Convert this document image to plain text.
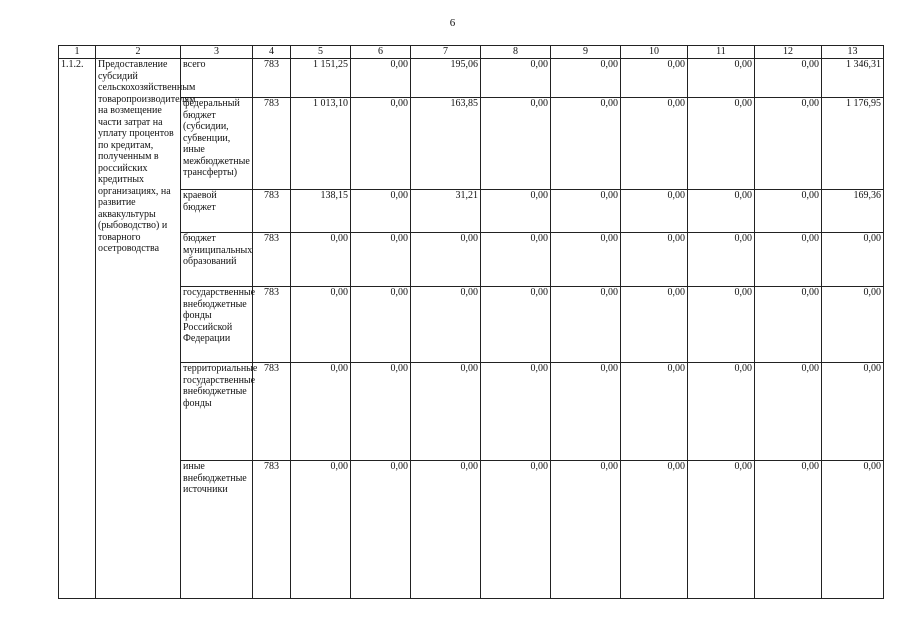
6
1	2	3	4	5	6	7	8	9	10	11	12	13
1.1.2.	Предоставление субсидий сельскохозяйственным товаропроизводителям на возмещение части затрат на уплату процентов по кредитам, полученным в российских кредитных организациях, на развитие аквакультуры (рыбоводство) и товарного осетроводства	всего	783	1 151,25	0,00	195,06	0,00	0,00	0,00	0,00	0,00	1 346,31
		федеральный бюджет (субсидии, субвенции, иные межбюджетные трансферты)	783	1 013,10	0,00	163,85	0,00	0,00	0,00	0,00	0,00	1 176,95
		краевой бюджет	783	138,15	0,00	31,21	0,00	0,00	0,00	0,00	0,00	169,36
		бюджет муниципальных образований	783	0,00	0,00	0,00	0,00	0,00	0,00	0,00	0,00	0,00
		государственные внебюджетные фонды Российской Федерации	783	0,00	0,00	0,00	0,00	0,00	0,00	0,00	0,00	0,00
		территориальные государственные внебюджетные фонды	783	0,00	0,00	0,00	0,00	0,00	0,00	0,00	0,00	0,00
		иные внебюджетные источники	783	0,00	0,00	0,00	0,00	0,00	0,00	0,00	0,00	0,00
